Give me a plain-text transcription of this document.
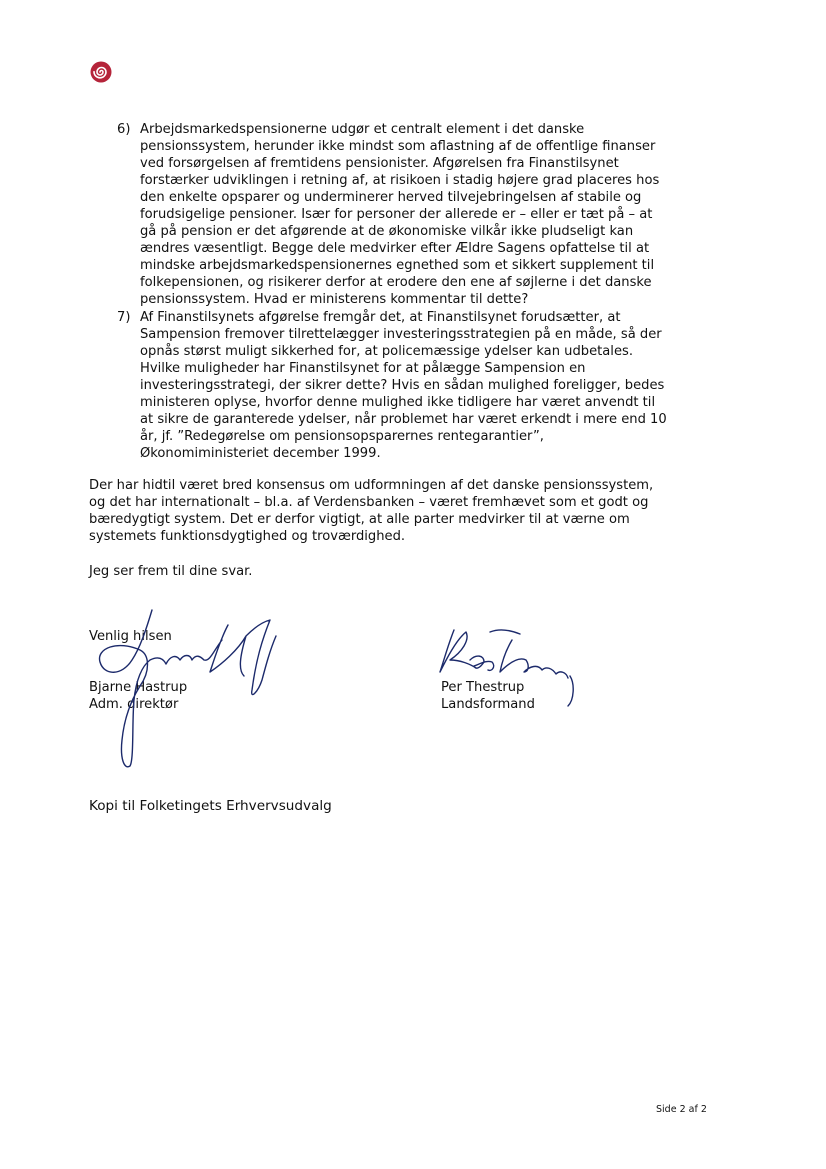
6) Arbejdsmarkedspensionerne udgør et centralt element i det danske
pensionssystem, herunder ikke mindst som aflastning af de offentlige finanser
ved forsørgelsen af fremtidens pensionister. Afgørelsen fra Finanstilsynet
forstærker udviklingen i retning af, at risikoen i stadig højere grad placeres hos
den enkelte opsparer og underminerer herved tilvejebringelsen af stabile og
forudsigelige pensioner. Især for personer der allerede er – eller er tæt på – at
gå på pension er det afgørende at de økonomiske vilkår ikke pludseligt kan
ændres væsentligt. Begge dele medvirker efter Ældre Sagens opfattelse til at
mindske arbejdsmarkedspensionernes egnethed som et sikkert supplement til
folkepensionen, og risikerer derfor at erodere den ene af søjlerne i det danske
pensionssystem. Hvad er ministerens kommentar til dette?
7) Af Finanstilsynets afgørelse fremgår det, at Finanstilsynet forudsætter, at
Sampension fremover tilrettelægger investeringsstrategien på en måde, så der
opnås størst muligt sikkerhed for, at policemæssige ydelser kan udbetales.
Hvilke muligheder har Finanstilsynet for at pålægge Sampension en
investeringsstrategi, der sikrer dette? Hvis en sådan mulighed foreligger, bedes
ministeren oplyse, hvorfor denne mulighed ikke tidligere har været anvendt til
at sikre de garanterede ydelser, når problemet har været erkendt i mere end 10
år, jf. ”Redegørelse om pensionsopsparernes rentegarantier”,
Økonomiministeriet december 1999.
Der har hidtil været bred konsensus om udformningen af det danske pensionssystem,
og det har internationalt – bl.a. af Verdensbanken – været fremhævet som et godt og
bæredygtigt system. Det er derfor vigtigt, at alle parter medvirker til at værne om
systemets funktionsdygtighed og troværdighed.

Jeg ser frem til dine svar.

Venlig hilsen

Bjarne Hastrup
Adm. direktør
Per Thestrup
Landsformand

Kopi til Folketingets Erhvervsudvalg

Side 2 af 2
